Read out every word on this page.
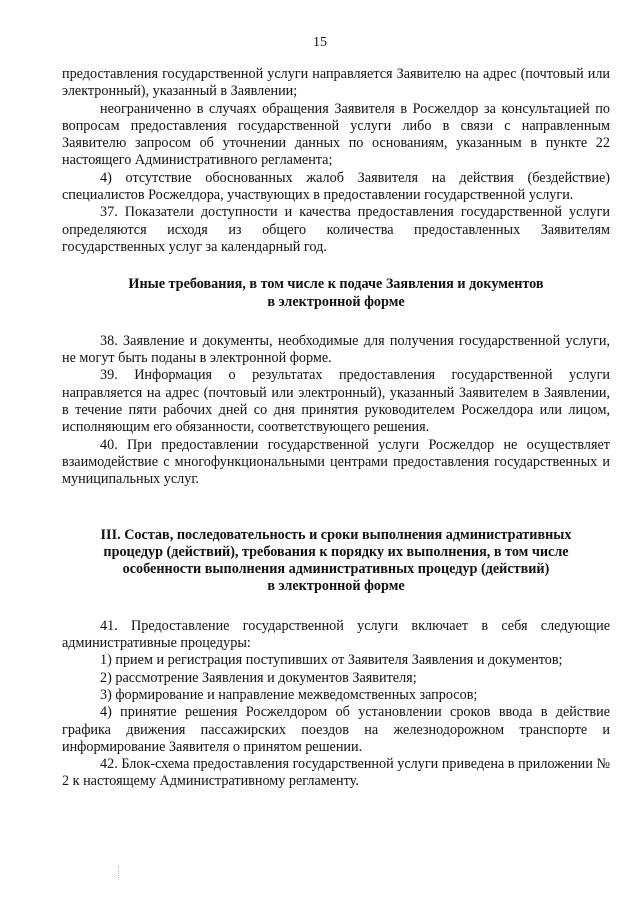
15

предоставления государственной услуги направляется Заявителю на адрес (почтовый или электронный), указанный в Заявлении;

неограниченно в случаях обращения Заявителя в Росжелдор за консультацией по вопросам предоставления государственной услуги либо в связи с направленным Заявителю запросом об уточнении данных по основаниям, указанным в пункте 22 настоящего Административного регламента;

4) отсутствие обоснованных жалоб Заявителя на действия (бездействие) специалистов Росжелдора, участвующих в предоставлении государственной услуги.

37. Показатели доступности и качества предоставления государственной услуги определяются исходя из общего количества предоставленных Заявителям государственных услуг за календарный год.

Иные требования, в том числе к подаче Заявления и документов
в электронной форме

38. Заявление и документы, необходимые для получения государственной услуги, не могут быть поданы в электронной форме.

39. Информация о результатах предоставления государственной услуги направляется на адрес (почтовый или электронный), указанный Заявителем в Заявлении, в течение пяти рабочих дней со дня принятия руководителем Росжелдора или лицом, исполняющим его обязанности, соответствующего решения.

40. При предоставлении государственной услуги Росжелдор не осуществляет взаимодействие с многофункциональными центрами предоставления государственных и муниципальных услуг.

III. Состав, последовательность и сроки выполнения административных
процедур (действий), требования к порядку их выполнения, в том числе
особенности выполнения административных процедур (действий)
в электронной форме

41. Предоставление государственной услуги включает в себя следующие административные процедуры:

1) прием и регистрация поступивших от Заявителя Заявления и документов;

2) рассмотрение Заявления и документов Заявителя;

3) формирование и направление межведомственных запросов;

4) принятие решения Росжелдором об установлении сроков ввода в действие графика движения пассажирских поездов на железнодорожном транспорте и информирование Заявителя о принятом решении.

42. Блок-схема предоставления государственной услуги приведена в приложении № 2 к настоящему Административному регламенту.
